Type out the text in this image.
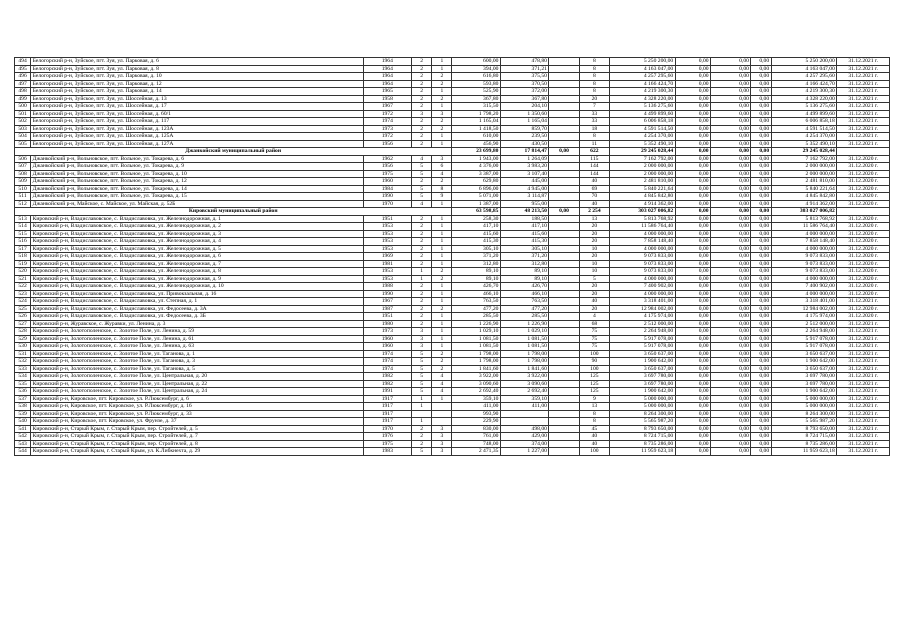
494	Белогорский р-н, Зуйское, пгт. Зуя, ул. Парковая, д. 6	1964	2	1	600,00	478,80		8	5 250 200,00	0,00	0,00	0,00	5 250 200,00	31.12.2021 г.
495	Белогорский р-н, Зуйское, пгт. Зуя, ул. Парковая, д. 8	1964	2	1	394,00	371,21		8	4 163 047,00	0,00	0,00	0,00	4 163 047,00	31.12.2021 г.
496	Белогорский р-н, Зуйское, пгт. Зуя, ул. Парковая, д. 10	1964	2	2	616,80	375,50		8	4 257 295,60	0,00	0,00	0,00	4 257 295,60	31.12.2021 г.
497	Белогорский р-н, Зуйское, пгт. Зуя, ул. Парковая, д. 12	1964	2	2	593,80	370,50		8	4 166 424,70	0,00	0,00	0,00	4 166 424,70	31.12.2021 г.
498	Белогорский р-н, Зуйское, пгт. Зуя, ул. Парковая, д. 14	1965	2	1	525,90	372,00		8	4 219 300,30	0,00	0,00	0,00	4 219 300,30	31.12.2021 г.
499	Белогорский р-н, Зуйское, пгт. Зуя, ул. Шоссейная, д. 13	1958	2	2	367,80	367,80		20	4 328 220,00	0,00	0,00	0,00	4 328 220,00	31.12.2021 г.
500	Белогорский р-н, Зуйское, пгт. Зуя, ул. Шоссейная, д. 17	1967	2	1	315,50	204,10		7	5 136 275,60	0,00	0,00	0,00	5 136 275,60	31.12.2021 г.
501	Белогорский р-н, Зуйское, пгт. Зуя, ул. Шоссейная, д. 60/1	1972	3	3	1 798,20	1 350,60		33	4 499 899,60	0,00	0,00	0,00	4 499 899,60	31.12.2021 г.
502	Белогорский р-н, Зуйское, пгт. Зуя, ул. Шоссейная, д. 117	1974	2	2	1 165,04	1 165,04		33	6 006 858,18	0,00	0,00	0,00	6 006 858,18	31.12.2021 г.
503	Белогорский р-н, Зуйское, пгт. Зуя, ул. Шоссейная, д. 123А	1973	2	2	1 418,50	859,70		18	4 591 514,50	0,00	0,00	0,00	4 591 514,50	31.12.2021 г.
504	Белогорский р-н, Зуйское, пгт. Зуя, ул. Шоссейная, д. 125А	1972	2	1	610,00	239,50		8	4 254 370,00	0,00	0,00	0,00	4 254 370,00	31.12.2021 г.
505	Белогорский р-н, Зуйское, пгт. Зуя, ул. Шоссейная, д. 127А	1956	2	1	456,90	430,50		11	5 352 490,10	0,00	0,00	0,00	5 352 490,10	31.12.2021 г.
Джанкойский муниципальный район					23 699,80	17 814,47	0,00	622	29 245 028,44	0,00	0,00	0,00	29 245 028,44	
506	Джанкойский р-н, Вольновское, пгт. Вольное, ул. Токарева, д. 6	1962	4	3	1 943,00	1 264,09		115	7 162 792,00	0,00	0,00	0,00	7 162 792,00	31.12.2020 г.
507	Джанкойский р-н, Вольновское, пгт. Вольное, ул. Токарева, д. 9	1956	5	6	4 376,00	3 983,20		144	2 000 000,00	0,00	0,00	0,00	2 000 000,00	31.12.2020 г.
508	Джанкойский р-н, Вольновское, пгт. Вольное, ул. Токарева, д. 10	1975	5	4	3 387,00	3 107,40		144	2 000 000,00	0,00	0,00	0,00	2 000 000,00	31.12.2020 г.
509	Джанкойский р-н, Вольновское, пгт. Вольное, ул. Токарева, д. 12	1960	2	2	629,80	445,00		40	2 481 810,00	0,00	0,00	0,00	2 481 810,00	31.12.2020 г.
510	Джанкойский р-н, Вольновское, пгт. Вольное, ул. Токарева, д. 14	1984	5	8	6 896,00	4 945,00		69	5 840 221,64	0,00	0,00	0,00	5 840 221,64	31.12.2020 г.
511	Джанкойский р-н, Вольновское, пгт. Вольное, ул. Токарева, д. 15	1990	5	9	5 071,00	3 114,87		70	4 845 842,80	0,00	0,00	0,00	4 845 842,80	31.12.2020 г.
512	Джанкойский р-н, Майское, с. Майское, ул. Майская, д. 52Б	1970	4	1	1 387,00	955,00		40	4 914 362,00	0,00	0,00	0,00	4 914 362,00	31.12.2020 г.
Кировский муниципальный район					63 598,85	48 213,50	0,00	2 254	303 027 006,82	0,00	0,00	0,00	303 027 006,82	
513	Кировский р-н, Владиславовское, с. Владиславовка, ул. Железнодорожная, д. 1	1951	2	1	258,30	188,50		13	5 813 768,92	0,00	0,00	0,00	5 813 768,92	31.12.2020 г.
514	Кировский р-н, Владиславовское, с. Владиславовка, ул. Железнодорожная, д. 2	1953	2	1	417,10	417,10		20	11 586 764,40	0,00	0,00	0,00	11 586 764,40	31.12.2020 г.
515	Кировский р-н, Владиславовское, с. Владиславовка, ул. Железнодорожная, д. 3	1953	2	1	415,60	415,60		20	4 000 000,00	0,00	0,00	0,00	4 000 000,00	31.12.2020 г.
516	Кировский р-н, Владиславовское, с. Владиславовка, ул. Железнодорожная, д. 4	1953	2	1	415,30	415,30		20	7 858 148,40	0,00	0,00	0,00	7 858 148,40	31.12.2020 г.
517	Кировский р-н, Владиславовское, с. Владиславовка, ул. Железнодорожная, д. 5	1953	2	1	305,10	305,10		10	4 000 000,00	0,00	0,00	0,00	4 000 000,00	31.12.2020 г.
518	Кировский р-н, Владиславовское, с. Владиславовка, ул. Железнодорожная, д. 6	1969	2	1	371,20	371,20		20	9 073 833,00	0,00	0,00	0,00	9 073 833,00	31.12.2020 г.
519	Кировский р-н, Владиславовское, с. Владиславовка, ул. Железнодорожная, д. 7	1981	2	1	312,80	312,80		10	9 073 833,00	0,00	0,00	0,00	9 073 833,00	31.12.2020 г.
520	Кировский р-н, Владиславовское, с. Владиславовка, ул. Железнодорожная, д. 8	1953	1	2	89,10	89,10		10	9 073 833,00	0,00	0,00	0,00	9 073 833,00	31.12.2020 г.
521	Кировский р-н, Владиславовское, с. Владиславовка, ул. Железнодорожная, д. 9	1953	1	2	89,10	89,10		5	4 000 000,00	0,00	0,00	0,00	4 000 000,00	31.12.2020 г.
522	Кировский р-н, Владиславовское, с. Владиславовка, ул. Железнодорожная, д. 10	1988	2	1	426,70	426,70		20	7 400 902,00	0,00	0,00	0,00	7 400 902,00	31.12.2020 г.
523	Кировский р-н, Владиславовское, с. Владиславовка, ул. Привокзальная, д. 16	1990	2	1	466,10	466,10		20	4 000 000,00	0,00	0,00	0,00	4 000 000,00	31.12.2020 г.
524	Кировский р-н, Владиславовское, с. Владиславовка, ул. Степная, д. 1	1967	2	1	763,50	763,50		40	3 318 401,00	0,00	0,00	0,00	3 318 401,00	31.12.2021 г.
525	Кировский р-н, Владиславовское, с. Владиславовка, ул. Федосеева, д. 3А	1987	2	2	477,20	477,20		20	12 984 002,00	0,00	0,00	0,00	12 984 002,00	31.12.2020 г.
526	Кировский р-н, Владиславовское, с. Владиславовка, ул. Федосеева, д. 3Б	1951	2	1	285,50	285,50		4	4 175 974,00	0,00	0,00	0,00	4 175 974,00	31.12.2020 г.
527	Кировский р-н, Журавское, с. Журавки, ул. Ленина, д. 3	1980	2	1	1 226,90	1 226,90		68	2 512 000,00	0,00	0,00	0,00	2 512 000,00	31.12.2021 г.
528	Кировский р-н, Золотополенское, с. Золотое Поле, ул. Ленина, д. 59	1973	3	1	1 029,10	1 029,10		75	2 264 948,00	0,00	0,00	0,00	2 264 948,00	31.12.2021 г.
529	Кировский р-н, Золотополенское, с. Золотое Поле, ул. Ленина, д. 61	1960	3	1	1 081,50	1 081,50		75	5 917 078,00	0,00	0,00	0,00	5 917 078,00	31.12.2021 г.
530	Кировский р-н, Золотополенское, с. Золотое Поле, ул. Ленина, д. 63	1960	3	1	1 081,50	1 081,50		75	5 917 078,00	0,00	0,00	0,00	5 917 078,00	31.12.2021 г.
531	Кировский р-н, Золотополенское, с. Золотое Поле, ул. Таганова, д. 1	1974	5	2	1 798,00	1 798,00		100	3 650 637,00	0,00	0,00	0,00	3 650 637,00	31.12.2021 г.
532	Кировский р-н, Золотополенское, с. Золотое Поле, ул. Таганова, д. 3	1974	5	2	1 798,00	1 798,00		90	1 900 642,00	0,00	0,00	0,00	1 900 642,00	31.12.2021 г.
533	Кировский р-н, Золотополенское, с. Золотое Поле, ул. Таганова, д. 5	1974	5	2	1 841,60	1 841,60		100	3 650 637,00	0,00	0,00	0,00	3 650 637,00	31.12.2021 г.
534	Кировский р-н, Золотополенское, с. Золотое Поле, ул. Центральная, д. 20	1982	5	4	3 922,00	3 922,00		125	3 697 780,00	0,00	0,00	0,00	3 697 780,00	31.12.2021 г.
535	Кировский р-н, Золотополенское, с. Золотое Поле, ул. Центральная, д. 22	1982	5	4	3 090,60	3 090,60		125	3 697 780,00	0,00	0,00	0,00	3 697 780,00	31.12.2021 г.
536	Кировский р-н, Золотополенское, с. Золотое Поле, ул. Центральная, д. 24	1991	5	4	2 692,40	2 692,40		125	1 900 642,00	0,00	0,00	0,00	1 900 642,00	31.12.2021 г.
537	Кировский р-н, Кировское, пгт. Кировское, ул. Р.Люксембург, д. 6	1917	1	1	359,10	359,10		9	5 000 000,00	0,00	0,00	0,00	5 000 000,00	31.12.2021 г.
538	Кировский р-н, Кировское, пгт. Кировское, ул. Р.Люксембург, д. 16	1917	1		411,00	411,00		13	5 000 000,00	0,00	0,00	0,00	5 000 000,00	31.12.2021 г.
539	Кировский р-н, Кировское, пгт. Кировское, ул. Р.Люксембург, д. 33	1917			993,90			8	8 264 300,00	0,00	0,00	0,00	8 264 300,00	31.12.2021 г.
540	Кировский р-н, Кировское, пгт. Кировское, ул. Фрунзе, д. 37	1917	1		229,90			8	5 565 987,20	0,00	0,00	0,00	5 565 987,20	31.12.2021 г.
541	Кировский р-н, Старый Крым, г. Старый Крым, пер. Стройтелей, д. 5	1970	2	3	830,00	498,00		45	8 793 650,00	0,00	0,00	0,00	8 793 650,00	31.12.2021 г.
542	Кировский р-н, Старый Крым, г. Старый Крым, пер. Стройтелей, д. 7	1976	2	3	761,00	429,00		40	8 724 715,00	0,00	0,00	0,00	8 724 715,00	31.12.2021 г.
543	Кировский р-н, Старый Крым, г. Старый Крым, пер. Стройтелей, д. 8	1975	2	3	748,00	374,00		40	8 735 286,00	0,00	0,00	0,00	8 735 286,00	31.12.2021 г.
544	Кировский р-н, Старый Крым, г. Старый Крым, ул. К.Либкнехта, д. 29	1983	5	3	2 471,35	1 227,00		100	11 959 623,18	0,00	0,00	0,00	11 959 623,18	31.12.2021 г.
